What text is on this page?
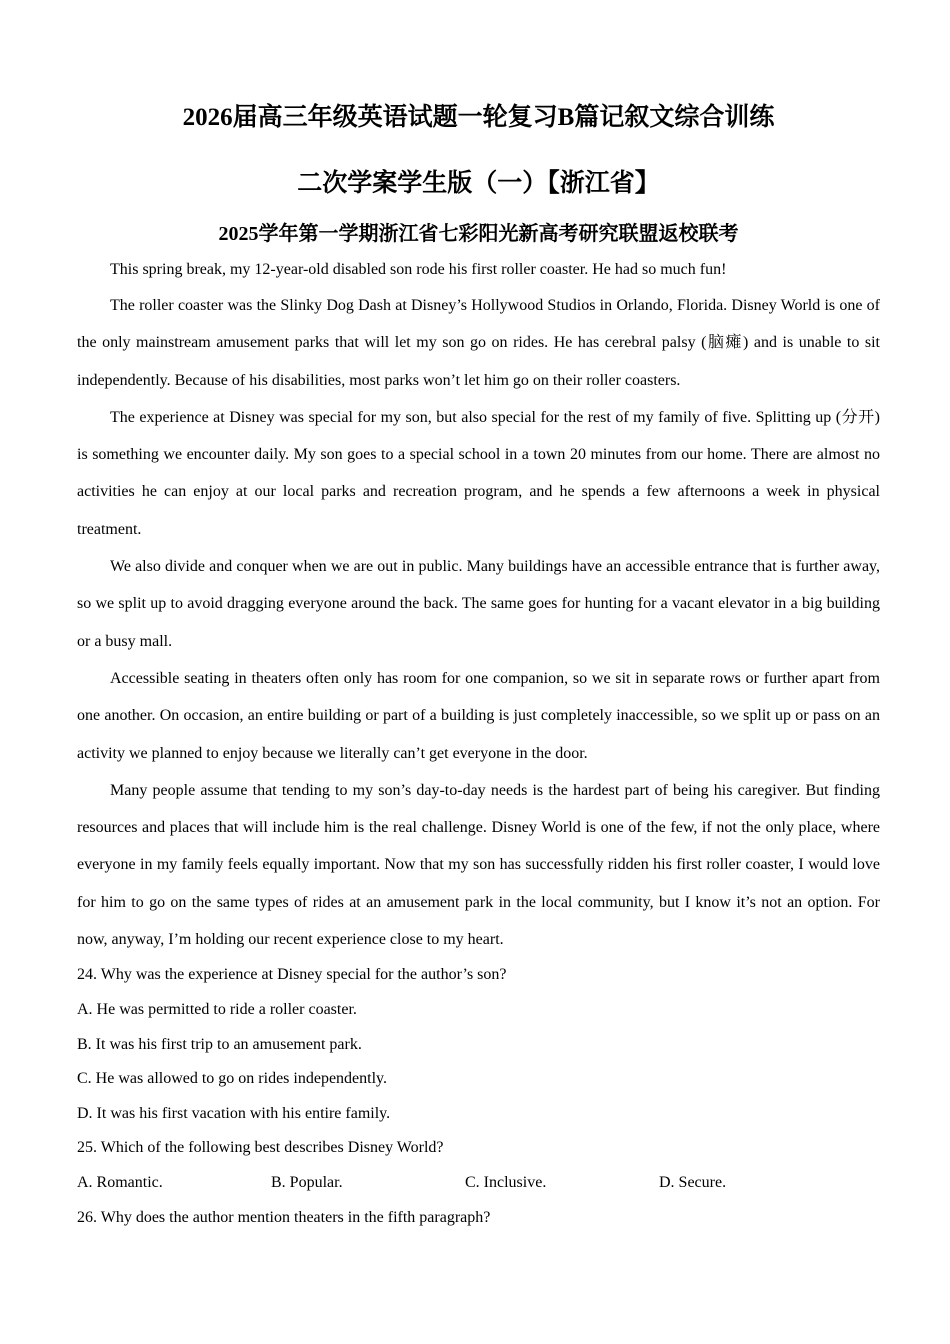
2026届高三年级英语试题一轮复习B篇记叙文综合训练
二次学案学生版（一）【浙江省】
2025学年第一学期浙江省七彩阳光新高考研究联盟返校联考

This spring break, my 12-year-old disabled son rode his first roller coaster. He had so much fun!

The roller coaster was the Slinky Dog Dash at Disney’s Hollywood Studios in Orlando, Florida. Disney World is one of the only mainstream amusement parks that will let my son go on rides. He has cerebral palsy (脑瘫) and is unable to sit independently. Because of his disabilities, most parks won’t let him go on their roller coasters.

The experience at Disney was special for my son, but also special for the rest of my family of five. Splitting up (分开) is something we encounter daily. My son goes to a special school in a town 20 minutes from our home. There are almost no activities he can enjoy at our local parks and recreation program, and he spends a few afternoons a week in physical treatment.

We also divide and conquer when we are out in public. Many buildings have an accessible entrance that is further away, so we split up to avoid dragging everyone around the back. The same goes for hunting for a vacant elevator in a big building or a busy mall.

Accessible seating in theaters often only has room for one companion, so we sit in separate rows or further apart from one another. On occasion, an entire building or part of a building is just completely inaccessible, so we split up or pass on an activity we planned to enjoy because we literally can’t get everyone in the door.

Many people assume that tending to my son’s day-to-day needs is the hardest part of being his caregiver. But finding resources and places that will include him is the real challenge. Disney World is one of the few, if not the only place, where everyone in my family feels equally important. Now that my son has successfully ridden his first roller coaster, I would love for him to go on the same types of rides at an amusement park in the local community, but I know it’s not an option. For now, anyway, I’m holding our recent experience close to my heart.

24. Why was the experience at Disney special for the author’s son?

A. He was permitted to ride a roller coaster.

B. It was his first trip to an amusement park.

C. He was allowed to go on rides independently.

D. It was his first vacation with his entire family.

25. Which of the following best describes Disney World?

A. Romantic.	B. Popular.	C. Inclusive.	D. Secure.

26. Why does the author mention theaters in the fifth paragraph?
